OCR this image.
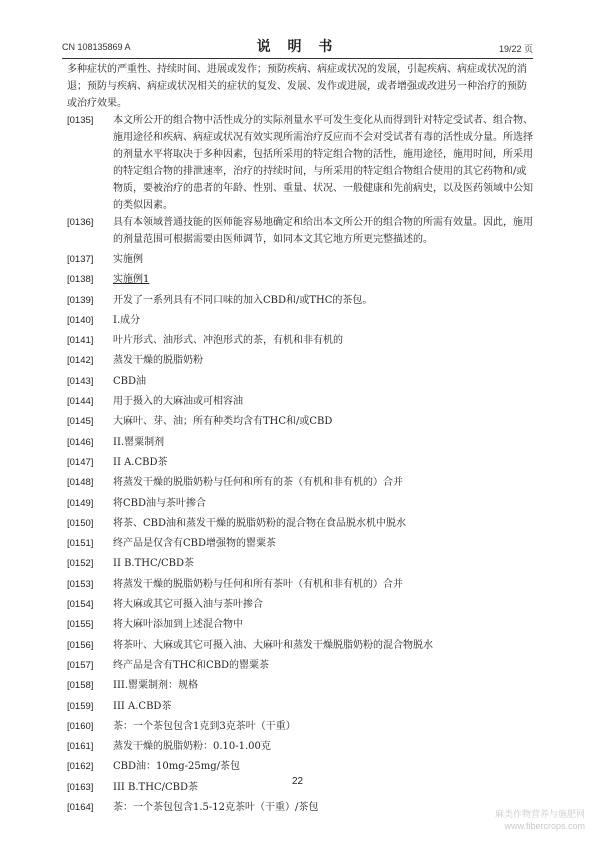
CN 108135869 A	说 明 书	19/22 页

多种症状的严重性、持续时间、进展或发作；预防疾病、病症或状况的发展，引起疾病、病症或状况的消退；预防与疾病、病症或状况相关的症状的复发、发展、发作或进展，或者增强或改进另一种治疗的预防或治疗效果。

[0135]	本文所公开的组合物中活性成分的实际剂量水平可发生变化从而得到针对特定受试者、组合物、施用途径和疾病、病症或状况有效实现所需治疗反应而不会对受试者有毒的活性成分量。所选择的剂量水平将取决于多种因素，包括所采用的特定组合物的活性，施用途径，施用时间，所采用的特定组合物的排泄速率，治疗的持续时间，与所采用的特定组合物组合使用的其它药物和/或物质，要被治疗的患者的年龄、性别、重量、状况、一般健康和先前病史，以及医药领域中公知的类似因素。
[0136]	具有本领域普通技能的医师能容易地确定和给出本文所公开的组合物的所需有效量。因此，施用的剂量范围可根据需要由医师调节，如同本文其它地方所更完整描述的。
[0137]	实施例
[0138]	实施例1
[0139]	开发了一系列具有不同口味的加入CBD和/或THC的茶包。
[0140]	I.成分
[0141]	叶片形式、油形式、冲泡形式的茶，有机和非有机的
[0142]	蒸发干燥的脱脂奶粉
[0143]	CBD油
[0144]	用于摄入的大麻油或可相容油
[0145]	大麻叶、芽、油；所有种类均含有THC和/或CBD
[0146]	II.罂粟制剂
[0147]	II A.CBD茶
[0148]	将蒸发干燥的脱脂奶粉与任何和所有的茶（有机和非有机的）合并
[0149]	将CBD油与茶叶掺合
[0150]	将茶、CBD油和蒸发干燥的脱脂奶粉的混合物在食品脱水机中脱水
[0151]	终产品是仅含有CBD增强物的罂粟茶
[0152]	II B.THC/CBD茶
[0153]	将蒸发干燥的脱脂奶粉与任何和所有茶叶（有机和非有机的）合并
[0154]	将大麻或其它可摄入油与茶叶掺合
[0155]	将大麻叶添加到上述混合物中
[0156]	将茶叶、大麻或其它可摄入油、大麻叶和蒸发干燥脱脂奶粉的混合物脱水
[0157]	终产品是含有THC和CBD的罂粟茶
[0158]	III.罂粟制剂：规格
[0159]	III A.CBD茶
[0160]	茶：一个茶包包含1克到3克茶叶（干重）
[0161]	蒸发干燥的脱脂奶粉：0.10-1.00克
[0162]	CBD油：10mg-25mg/茶包
[0163]	III B.THC/CBD茶
[0164]	茶：一个茶包包含1.5-12克茶叶（干重）/茶包
22
麻类作物营养与施肥网
www.fibercrops.com
